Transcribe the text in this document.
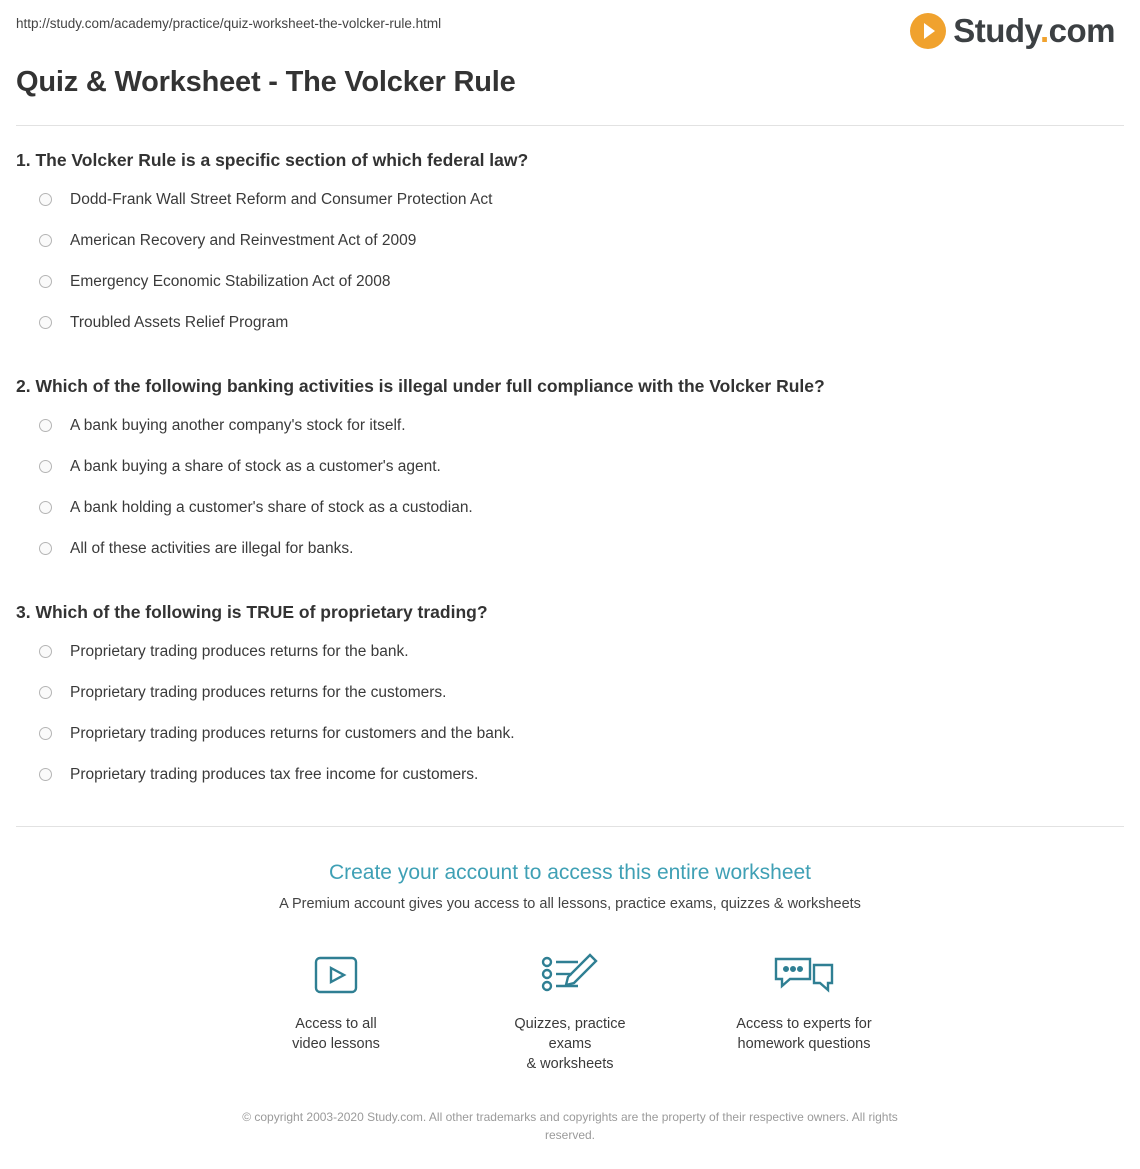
http://study.com/academy/practice/quiz-worksheet-the-volcker-rule.html	Study.com
Quiz & Worksheet - The Volcker Rule
1. The Volcker Rule is a specific section of which federal law?
Dodd-Frank Wall Street Reform and Consumer Protection Act
American Recovery and Reinvestment Act of 2009
Emergency Economic Stabilization Act of 2008
Troubled Assets Relief Program
2. Which of the following banking activities is illegal under full compliance with the Volcker Rule?
A bank buying another company's stock for itself.
A bank buying a share of stock as a customer's agent.
A bank holding a customer's share of stock as a custodian.
All of these activities are illegal for banks.
3. Which of the following is TRUE of proprietary trading?
Proprietary trading produces returns for the bank.
Proprietary trading produces returns for the customers.
Proprietary trading produces returns for customers and the bank.
Proprietary trading produces tax free income for customers.
Create your account to access this entire worksheet
A Premium account gives you access to all lessons, practice exams, quizzes & worksheets
Access to all
video lessons
Quizzes, practice exams
& worksheets
Access to experts for
homework questions
© copyright 2003-2020 Study.com. All other trademarks and copyrights are the property of their respective owners. All rights reserved.
